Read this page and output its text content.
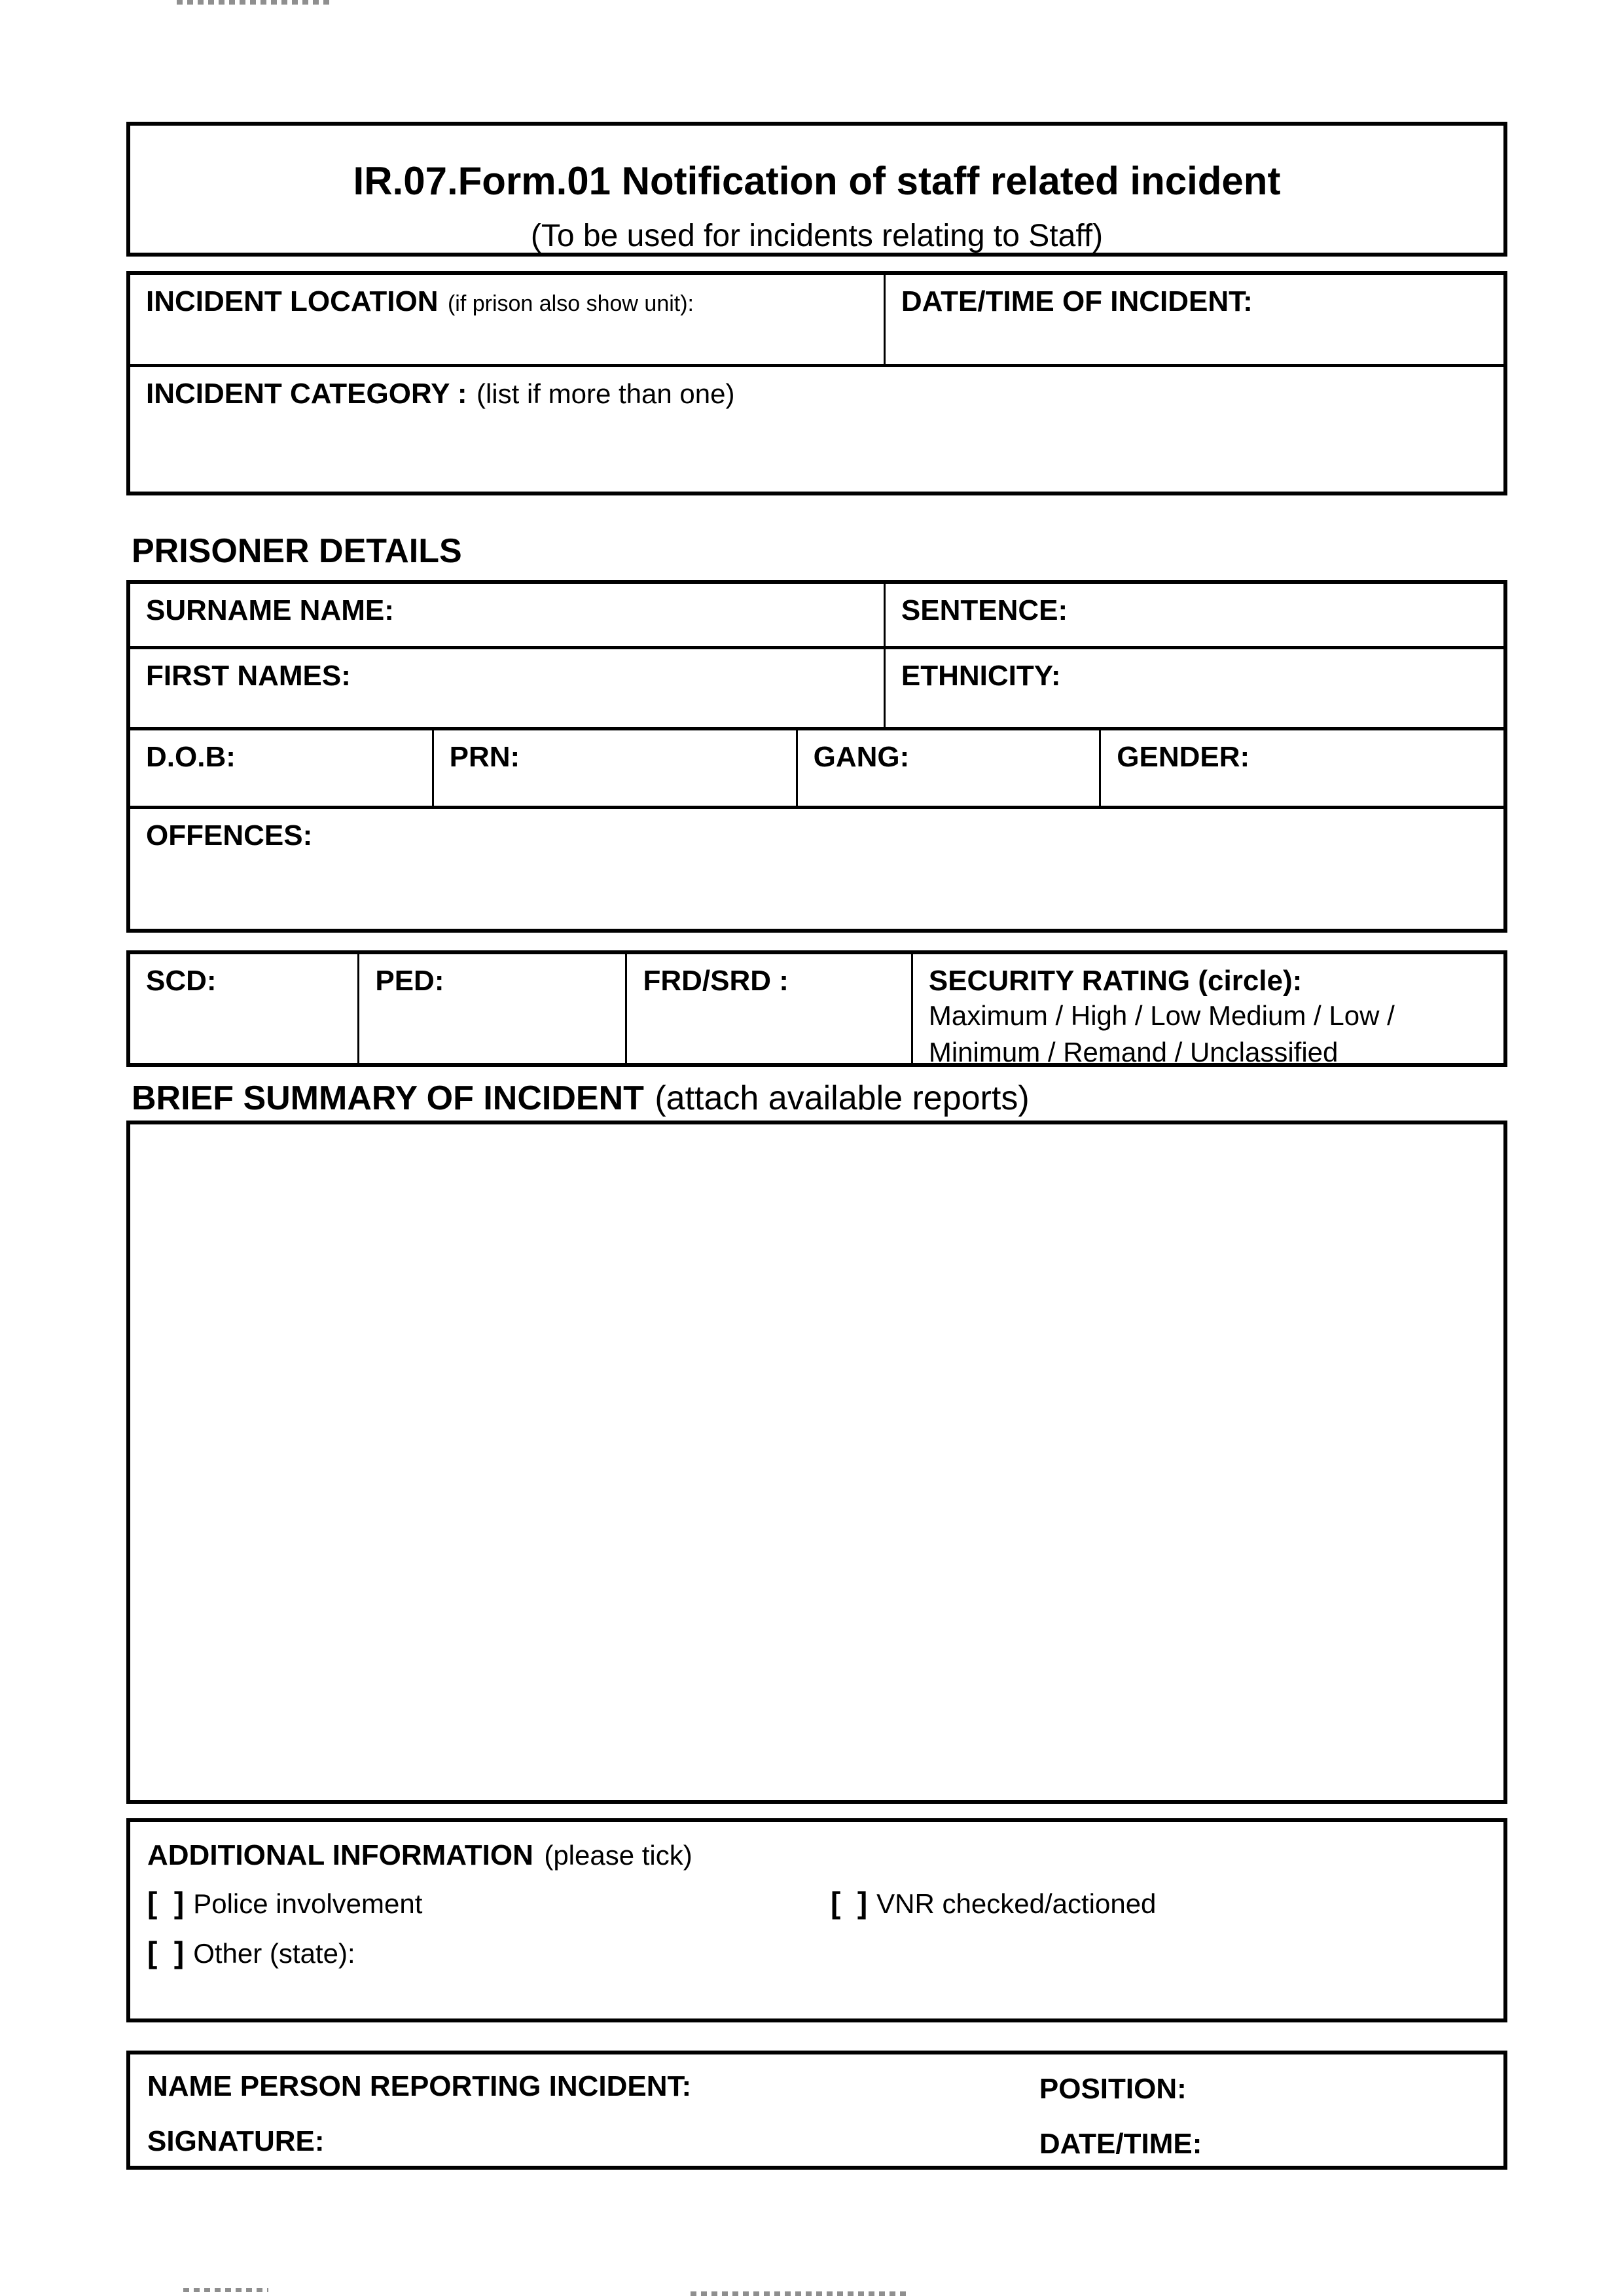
IR.07.Form.01 Notification of staff related incident
(To be used for incidents relating to Staff)
INCIDENT LOCATION (if prison also show unit):	DATE/TIME OF INCIDENT:
INCIDENT CATEGORY : (list if more than one)
PRISONER DETAILS
SURNAME NAME:	SENTENCE:
FIRST NAMES:	ETHNICITY:
D.O.B:	PRN:	GANG:	GENDER:
OFFENCES:
SCD:	PED:	FRD/SRD :	SECURITY RATING (circle):
Maximum / High / Low Medium / Low /
Minimum / Remand / Unclassified
BRIEF SUMMARY OF INCIDENT (attach available reports)
ADDITIONAL INFORMATION (please tick)
[  ] Police involvement	[  ] VNR checked/actioned
[  ] Other (state):
NAME PERSON REPORTING INCIDENT:	POSITION:
SIGNATURE:	DATE/TIME:
